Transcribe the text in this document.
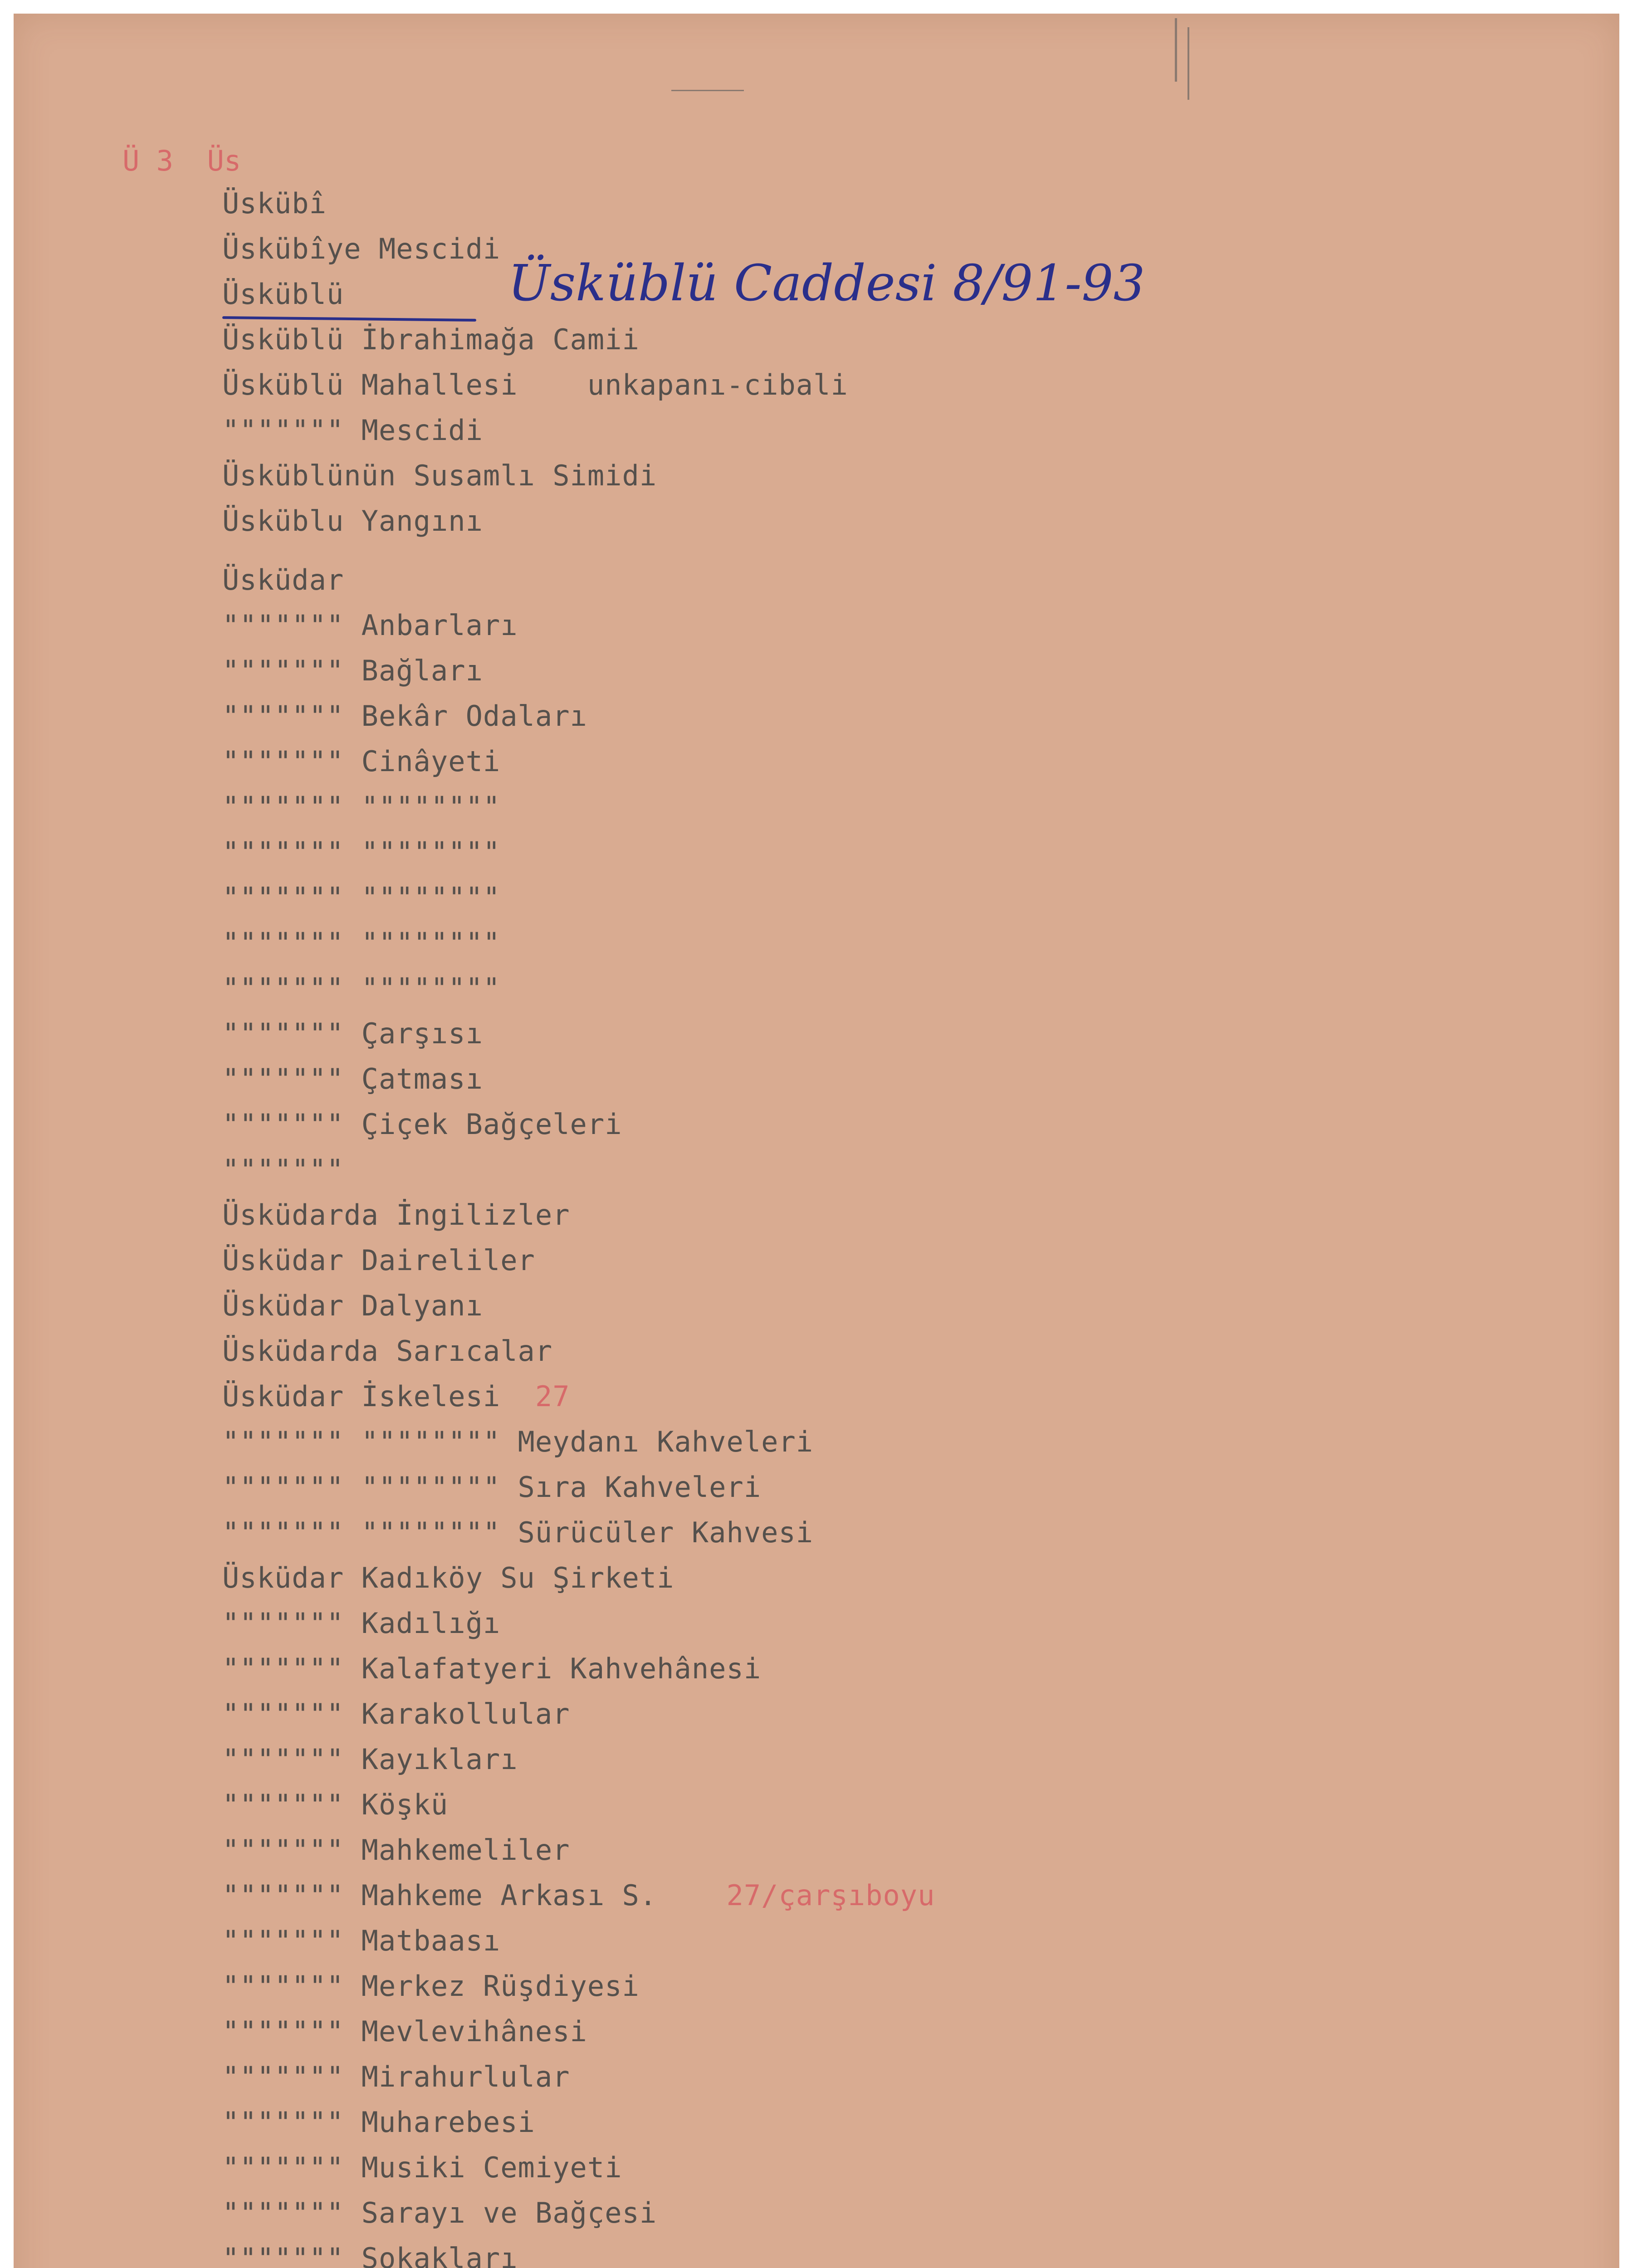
Ü 3  Üs
Üsküblü Caddesi 8/91-93
Üskübî
Üskübîye Mescidi
Üsküblü
Üsküblü İbrahimağa Camii
Üsküblü Mahallesi    unkapanı-cibali
""""""" Mescidi
Üsküblünün Susamlı Simidi
Üsküblu Yangını
Üsküdar
""""""" Anbarları
""""""" Bağları
""""""" Bekâr Odaları
""""""" Cinâyeti
""""""" """"""""
""""""" """"""""
""""""" """"""""
""""""" """"""""
""""""" """"""""
""""""" Çarşısı
""""""" Çatması
""""""" Çiçek Bağçeleri
"""""""
Üsküdarda İngilizler
Üsküdar Daireliler
Üsküdar Dalyanı
Üsküdarda Sarıcalar
Üsküdar İskelesi  27
""""""" """""""" Meydanı Kahveleri
""""""" """""""" Sıra Kahveleri
""""""" """""""" Sürücüler Kahvesi
Üsküdar Kadıköy Su Şirketi
""""""" Kadılığı
""""""" Kalafatyeri Kahvehânesi
""""""" Karakollular
""""""" Kayıkları
""""""" Köşkü
""""""" Mahkemeliler
""""""" Mahkeme Arkası S.    27/çarşıboyu
""""""" Matbaası
""""""" Merkez Rüşdiyesi
""""""" Mevlevihânesi
""""""" Mirahurlular
""""""" Muharebesi
""""""" Musiki Cemiyeti
""""""" Sarayı ve Bağçesi
""""""" Sokakları
